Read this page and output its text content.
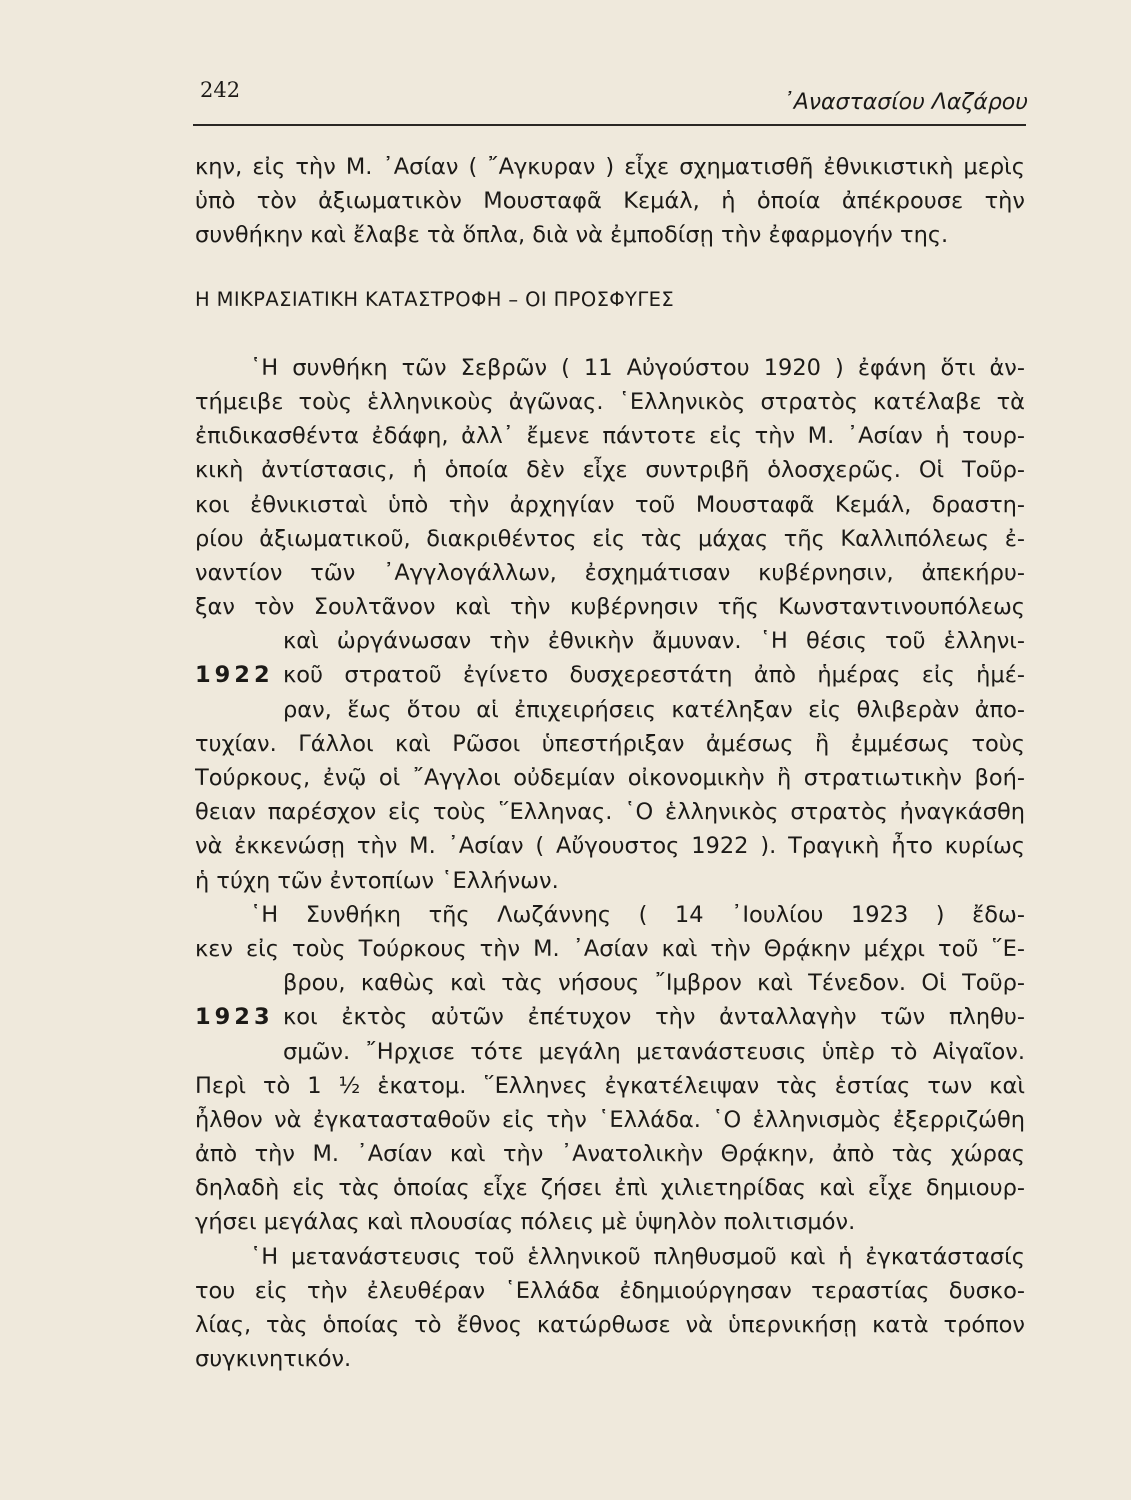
242	᾿Αναστασίου Λαζάρου
κην, εἰς τὴν Μ. ᾿Ασίαν ( ῎Αγκυραν ) εἶχε σχηματισθῆ ἐθνικιστικὴ μερὶς
ὑπὸ τὸν ἀξιωματικὸν Μουσταφᾶ Κεμάλ, ἡ ὁποία ἀπέκρουσε τὴν
συνθήκην καὶ ἔλαβε τὰ ὅπλα, διὰ νὰ ἐμποδίσῃ τὴν ἐφαρμογήν της.
Η ΜΙΚΡΑΣΙΑΤΙΚΗ ΚΑΤΑΣΤΡΟΦΗ – ΟΙ ΠΡΟΣΦΥΓΕΣ
῾Η συνθήκη τῶν Σεβρῶν ( 11 Αὐγούστου 1920 ) ἐφάνη ὅτι ἀν-
τήμειβε τοὺς ἑλληνικοὺς ἀγῶνας. ῾Ελληνικὸς στρατὸς κατέλαβε τὰ
ἐπιδικασθέντα ἐδάφη, ἀλλ᾿ ἔμενε πάντοτε εἰς τὴν Μ. ᾿Ασίαν ἡ τουρ-
κικὴ ἀντίστασις, ἡ ὁποία δὲν εἶχε συντριβῆ ὁλοσχερῶς. Οἱ Τοῦρ-
κοι ἐθνικισταὶ ὑπὸ τὴν ἀρχηγίαν τοῦ Μουσταφᾶ Κεμάλ, δραστη-
ρίου ἀξιωματικοῦ, διακριθέντος εἰς τὰς μάχας τῆς Καλλιπόλεως ἐ-
ναντίον τῶν ᾿Αγγλογάλλων, ἐσχημάτισαν κυβέρνησιν, ἀπεκήρυ-
ξαν τὸν Σουλτᾶνον καὶ τὴν κυβέρνησιν τῆς Κωνσταντινουπόλεως
καὶ ὠργάνωσαν τὴν ἐθνικὴν ἄμυναν. ῾Η θέσις τοῦ ἑλληνι-
1922 κοῦ στρατοῦ ἐγίνετο δυσχερεστάτη ἀπὸ ἡμέρας εἰς ἡμέ-
ραν, ἕως ὅτου αἱ ἐπιχειρήσεις κατέληξαν εἰς θλιβερὰν ἀπο-
τυχίαν. Γάλλοι καὶ Ρῶσοι ὑπεστήριξαν ἀμέσως ἢ ἐμμέσως τοὺς
Τούρκους, ἐνῷ οἱ ῎Αγγλοι οὐδεμίαν οἰκονομικὴν ἢ στρατιωτικὴν βοή-
θειαν παρέσχον εἰς τοὺς ῞Ελληνας. ῾Ο ἑλληνικὸς στρατὸς ἠναγκάσθη
νὰ ἐκκενώσῃ τὴν Μ. ᾿Ασίαν ( Αὔγουστος 1922 ). Τραγικὴ ἦτο κυρίως
ἡ τύχη τῶν ἐντοπίων ῾Ελλήνων.
῾Η Συνθήκη τῆς Λωζάννης ( 14 ᾿Ιουλίου 1923 ) ἔδω-
κεν εἰς τοὺς Τούρκους τὴν Μ. ᾿Ασίαν καὶ τὴν Θρᾴκην μέχρι τοῦ ῞Ε-
βρου, καθὼς καὶ τὰς νήσους ῎Ιμβρον καὶ Τένεδον. Οἱ Τοῦρ-
1923 κοι ἐκτὸς αὐτῶν ἐπέτυχον τὴν ἀνταλλαγὴν τῶν πληθυ-
σμῶν. ῎Ηρχισε τότε μεγάλη μετανάστευσις ὑπὲρ τὸ Αἰγαῖον.
Περὶ τὸ 1 ½ ἑκατομ. ῞Ελληνες ἐγκατέλειψαν τὰς ἑστίας των καὶ
ἦλθον νὰ ἐγκατασταθοῦν εἰς τὴν ῾Ελλάδα. ῾Ο ἑλληνισμὸς ἐξερριζώθη
ἀπὸ τὴν Μ. ᾿Ασίαν καὶ τὴν ᾿Ανατολικὴν Θρᾴκην, ἀπὸ τὰς χώρας
δηλαδὴ εἰς τὰς ὁποίας εἶχε ζήσει ἐπὶ χιλιετηρίδας καὶ εἶχε δημιουρ-
γήσει μεγάλας καὶ πλουσίας πόλεις μὲ ὑψηλὸν πολιτισμόν.
῾Η μετανάστευσις τοῦ ἑλληνικοῦ πληθυσμοῦ καὶ ἡ ἐγκατάστασίς
του εἰς τὴν ἐλευθέραν ῾Ελλάδα ἐδημιούργησαν τεραστίας δυσκο-
λίας, τὰς ὁποίας τὸ ἔθνος κατώρθωσε νὰ ὑπερνικήσῃ κατὰ τρόπον
συγκινητικόν.
